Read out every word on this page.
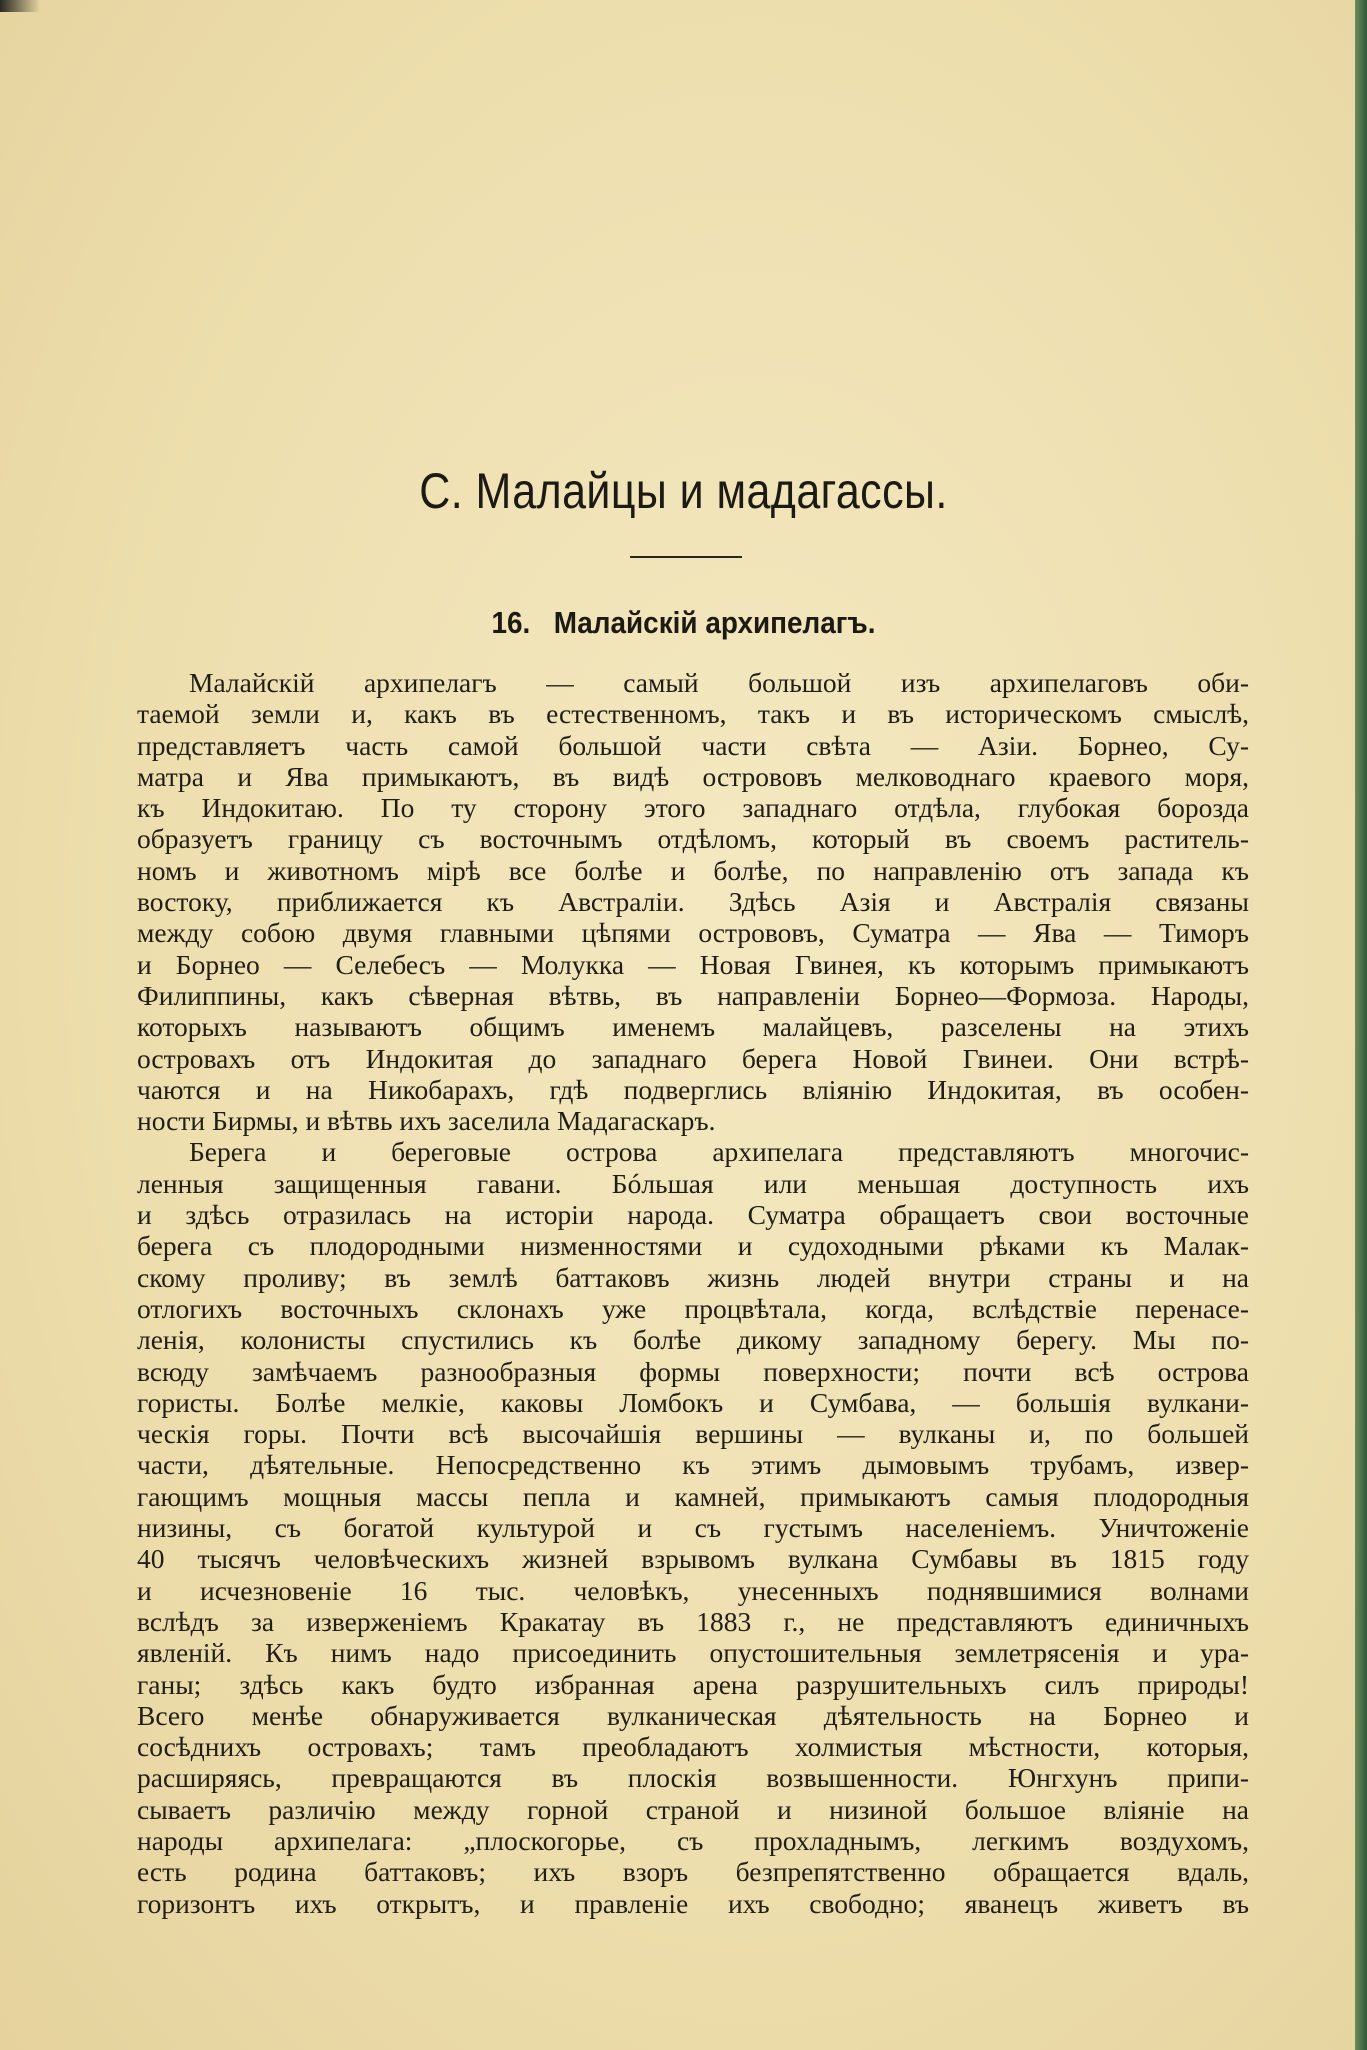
C. Малайцы и мадагассы.
16. Малайскiй архипелагъ.
Малайскiй архипелагъ — самый большой изъ архипелаговъ оби-
таемой земли и, какъ въ естественномъ, такъ и въ историческомъ смыслѣ,
представляетъ часть самой большой части свѣта — Азiи. Борнео, Су-
матра и Ява примыкаютъ, въ видѣ острововъ мелководнаго краевого моря,
къ Индокитаю. По ту сторону этого западнаго отдѣла, глубокая борозда
образуетъ границу съ восточнымъ отдѣломъ, который въ своемъ раститель-
номъ и животномъ мiрѣ все болѣе и болѣе, по направленiю отъ запада къ
востоку, приближается къ Австралiи. Здѣсь Азiя и Австралiя связаны
между собою двумя главными цѣпями острововъ, Суматра — Ява — Тиморъ
и Борнео — Селебесъ — Молукка — Новая Гвинея, къ которымъ примыкаютъ
Филиппины, какъ сѣверная вѣтвь, въ направленiи Борнео—Формоза. Народы,
которыхъ называютъ общимъ именемъ малайцевъ, разселены на этихъ
островахъ отъ Индокитая до западнаго берега Новой Гвинеи. Они встрѣ-
чаются и на Никобарахъ, гдѣ подверглись влiянiю Индокитая, въ особен-
ности Бирмы, и вѣтвь ихъ заселила Мадагаскаръ.
Берега и береговые острова архипелага представляютъ многочис-
ленныя защищенныя гавани. Бóльшая или меньшая доступность ихъ
и здѣсь отразилась на исторiи народа. Суматра обращаетъ свои восточные
берега съ плодородными низменностями и судоходными рѣками къ Малак-
скому проливу; въ землѣ баттаковъ жизнь людей внутри страны и на
отлогихъ восточныхъ склонахъ уже процвѣтала, когда, вслѣдствiе перенасе-
ленiя, колонисты спустились къ болѣе дикому западному берегу. Мы по-
всюду замѣчаемъ разнообразныя формы поверхности; почти всѣ острова
гористы. Болѣе мелкiе, каковы Ломбокъ и Сумбава, — большiя вулкани-
ческiя горы. Почти всѣ высочайшiя вершины — вулканы и, по большей
части, дѣятельные. Непосредственно къ этимъ дымовымъ трубамъ, извер-
гающимъ мощныя массы пепла и камней, примыкаютъ самыя плодородныя
низины, съ богатой культурой и съ густымъ населенiемъ. Уничтоженiе
40 тысячъ человѣческихъ жизней взрывомъ вулкана Сумбавы въ 1815 году
и исчезновенiе 16 тыс. человѣкъ, унесенныхъ поднявшимися волнами
вслѣдъ за изверженiемъ Кракатау въ 1883 г., не представляютъ единичныхъ
явленiй. Къ нимъ надо присоединить опустошительныя землетрясенiя и ура-
ганы; здѣсь какъ будто избранная арена разрушительныхъ силъ природы!
Всего менѣе обнаруживается вулканическая дѣятельность на Борнео и
сосѣднихъ островахъ; тамъ преобладаютъ холмистыя мѣстности, которыя,
расширяясь, превращаются въ плоскiя возвышенности. Юнгхунъ припи-
сываетъ различiю между горной страной и низиной большое влiянiе на
народы архипелага: „плоскогорье, съ прохладнымъ, легкимъ воздухомъ,
есть родина баттаковъ; ихъ взоръ безпрепятственно обращается вдаль,
горизонтъ ихъ открытъ, и правленiе ихъ свободно; яванецъ живетъ въ
